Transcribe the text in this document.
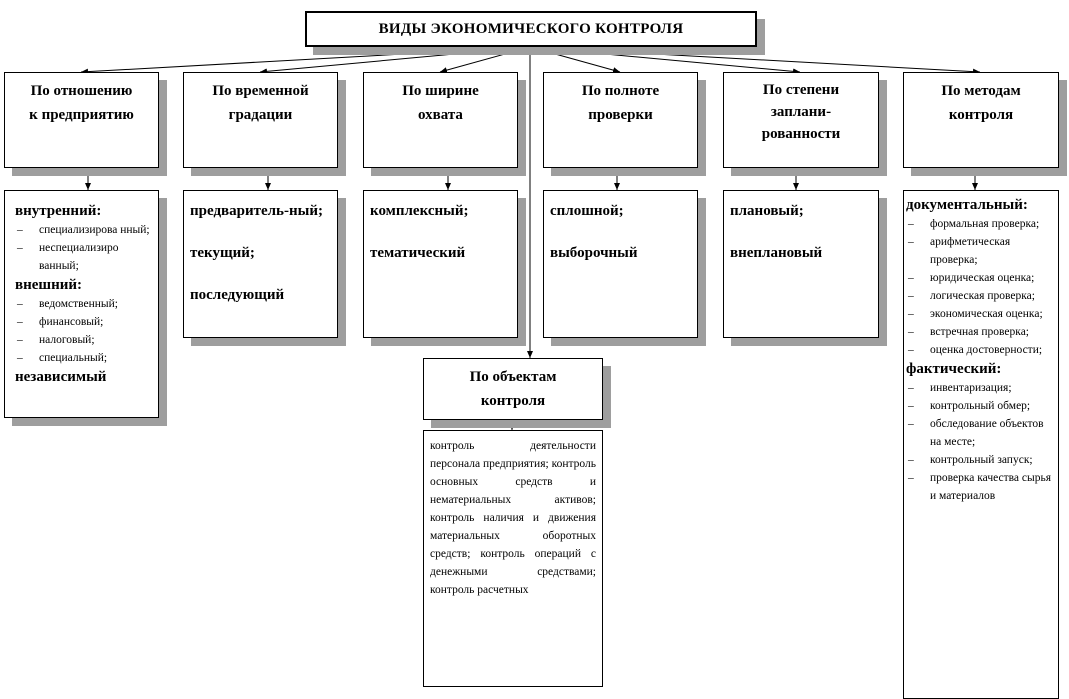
ВИДЫ ЭКОНОМИЧЕСКОГО КОНТРОЛЯ
По отношению
к предприятию
По временной
градации
По ширине
охвата
По полноте
проверки
По степени
заплани-
рованности
По методам
контроля
внутренний:
– специализирова нный;
– неспециализиро ванный;
внешний:
– ведомственный;
– финансовый;
– налоговый;
– специальный;
независимый
предваритель-ный;
текущий;
последующий
комплексный;
тематический
сплошной;
выборочный
плановый;
внеплановый
документальный:
– формальная проверка;
– арифметическая проверка;
– юридическая оценка;
– логическая проверка;
– экономическая оценка;
– встречная проверка;
– оценка достоверности;
фактический:
– инвентаризация;
– контрольный обмер;
– обследование объектов на месте;
– контрольный запуск;
– проверка качества сырья и материалов
По объектам
контроля
контроль деятельности персонала предприятия; контроль основных средств и нематериальных активов; контроль наличия и движения материальных оборотных средств; контроль операций с денежными средствами; контроль расчетных
